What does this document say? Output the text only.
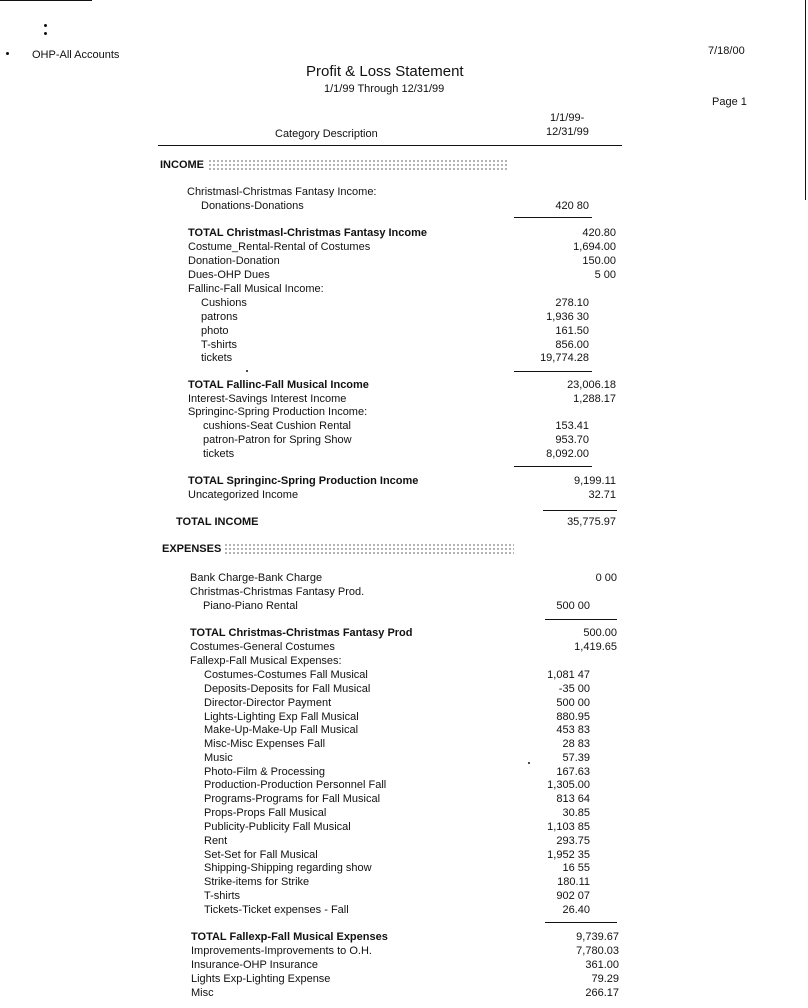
OHP-All Accounts	7/18/00
Profit & Loss Statement
1/1/99 Through 12/31/99
Page 1
1/1/99-
12/31/99
Category Description
INCOME
EXPENSES
Christmasl-Christmas Fantasy Income:
Donations-Donations	420 80
TOTAL Christmasl-Christmas Fantasy Income	420.80
Costume_Rental-Rental of Costumes	1,694.00
Donation-Donation	150.00
Dues-OHP Dues	5 00
Fallinc-Fall Musical Income:
Cushions	278.10
patrons	1,936 30
photo	161.50
T-shirts	856.00
tickets	19,774.28
TOTAL Fallinc-Fall Musical Income	23,006.18
Interest-Savings Interest Income	1,288.17
Springinc-Spring Production Income:
cushions-Seat Cushion Rental	153.41
patron-Patron for Spring Show	953.70
tickets	8,092.00
TOTAL Springinc-Spring Production Income	9,199.11
Uncategorized Income	32.71
TOTAL INCOME	35,775.97
Bank Charge-Bank Charge	0 00
Christmas-Christmas Fantasy Prod.
Piano-Piano Rental	500 00
TOTAL Christmas-Christmas Fantasy Prod	500.00
Costumes-General Costumes	1,419.65
Fallexp-Fall Musical Expenses:
Costumes-Costumes Fall Musical	1,081 47
Deposits-Deposits for Fall Musical	-35 00
Director-Director Payment	500 00
Lights-Lighting Exp Fall Musical	880.95
Make-Up-Make-Up Fall Musical	453 83
Misc-Misc Expenses Fall	28 83
Music	57.39
Photo-Film & Processing	167.63
Production-Production Personnel Fall	1,305.00
Programs-Programs for Fall Musical	813 64
Props-Props Fall Musical	30.85
Publicity-Publicity Fall Musical	1,103 85
Rent	293.75
Set-Set for Fall Musical	1,952 35
Shipping-Shipping regarding show	16 55
Strike-items for Strike	180.11
T-shirts	902 07
Tickets-Ticket expenses - Fall	26.40
TOTAL Fallexp-Fall Musical Expenses	9,739.67
Improvements-Improvements to O.H.	7,780.03
Insurance-OHP Insurance	361.00
Lights Exp-Lighting Expense	79.29
Misc	266.17
